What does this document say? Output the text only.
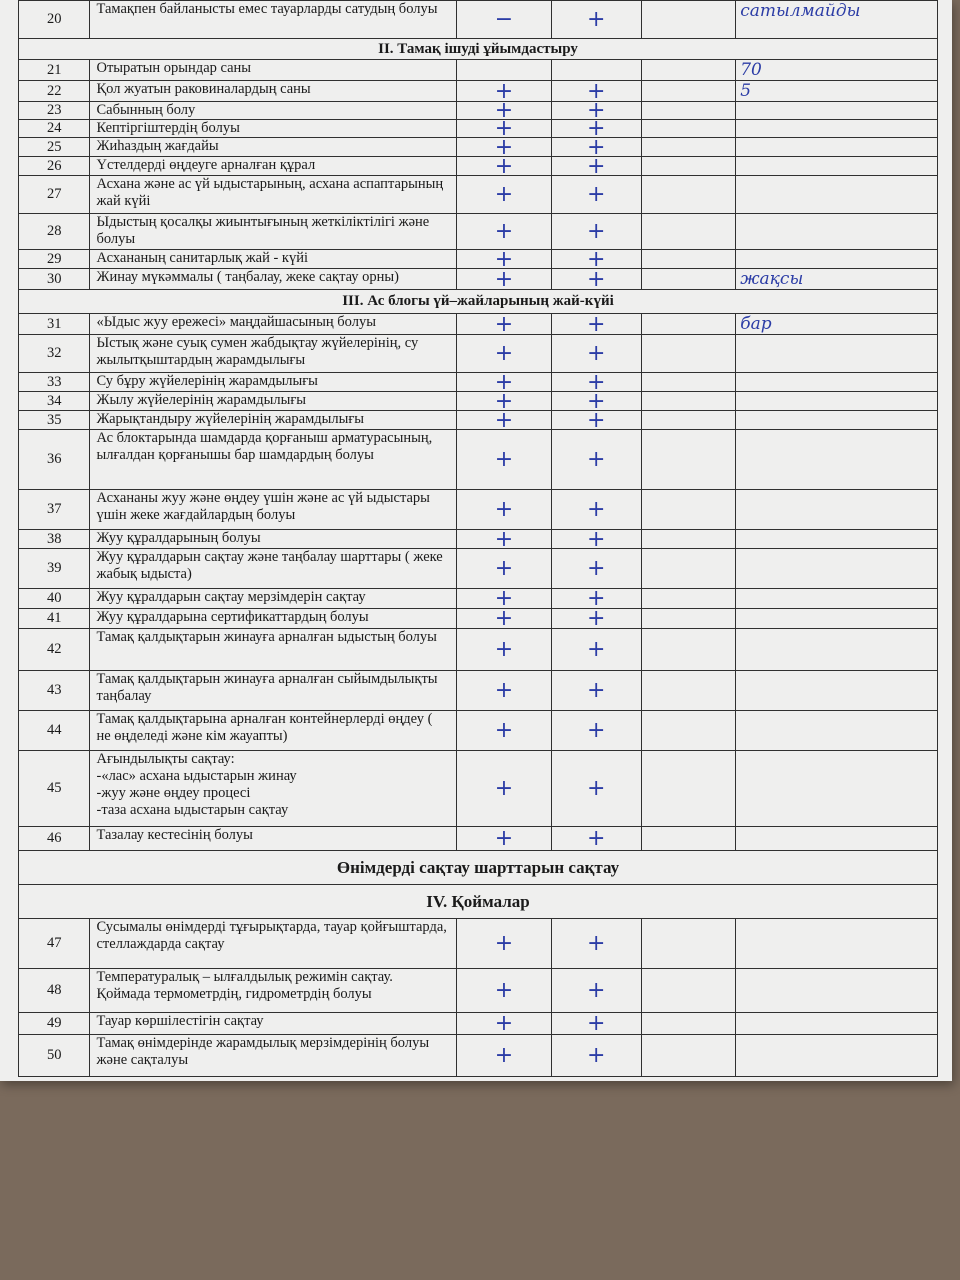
20	Тамақпен байланысты емес тауарларды сатудың болуы	−	+		сатылмайды
II. Тамақ ішуді ұйымдастыру					
21	Отыратын орындар саны				70
22	Қол жуатын раковиналардың саны	+	+		5
23	Сабынның болу	+	+		
24	Кептіргіштердің болуы	+	+		
25	Жиһаздың жағдайы	+	+		
26	Үстелдерді өңдеуге арналған құрал	+	+		
27	Асхана және ас үй ыдыстарының, асхана аспаптарының жай күйі	+	+		
28	Ыдыстың қосалқы жиынтығының жеткіліктілігі және болуы	+	+		
29	Асхананың санитарлық жай - күйі	+	+		
30	Жинау мүкәммалы ( таңбалау, жеке сақтау орны)	+	+		жақсы
III. Ас блогы үй–жайларының жай-күйі					
31	«Ыдыс жуу ережесі» маңдайшасының болуы	+	+		бар
32	Ыстық және суық сумен жабдықтау жүйелерінің, су жылытқыштардың жарамдылығы	+	+		
33	Су бұру жүйелерінің жарамдылығы	+	+		
34	Жылу жүйелерінің жарамдылығы	+	+		
35	Жарықтандыру жүйелерінің жарамдылығы	+	+		
36	Ас блоктарында шамдарда қорғаныш арматурасының, ылғалдан қорғанышы бар шамдардың болуы	+	+		
37	Асхананы жуу және өңдеу үшін және ас үй ыдыстары үшін жеке жағдайлардың болуы	+	+		
38	Жуу құралдарының болуы	+	+		
39	Жуу құралдарын сақтау және таңбалау шарттары ( жеке жабық ыдыста)	+	+		
40	Жуу құралдарын сақтау мерзімдерін сақтау	+	+		
41	Жуу құралдарына сертификаттардың болуы	+	+		
42	Тамақ қалдықтарын жинауға арналған ыдыстың болуы	+	+		
43	Тамақ қалдықтарын жинауға арналған сыйымдылықты таңбалау	+	+		
44	Тамақ қалдықтарына арналған контейнерлерді өңдеу ( не өңделеді және кім жауапты)	+	+		
45	Ағындылықты сақтау:
-«лас» асхана ыдыстарын жинау
-жуу және өңдеу процесі
-таза асхана ыдыстарын сақтау	+	+		
46	Тазалау кестесінің болуы	+	+		
Өнімдерді сақтау шарттарын сақтау					
IV. Қоймалар					
47	Сусымалы өнімдерді тұғырықтарда, тауар қойғыштарда, стеллаждарда сақтау	+	+		
48	Температуралық – ылғалдылық режимін сақтау. Қоймада термометрдің, гидрометрдің болуы	+	+		
49	Тауар көршілестігін сақтау	+	+		
50	Тамақ өнімдерінде жарамдылық мерзімдерінің болуы және сақталуы	+	+		
